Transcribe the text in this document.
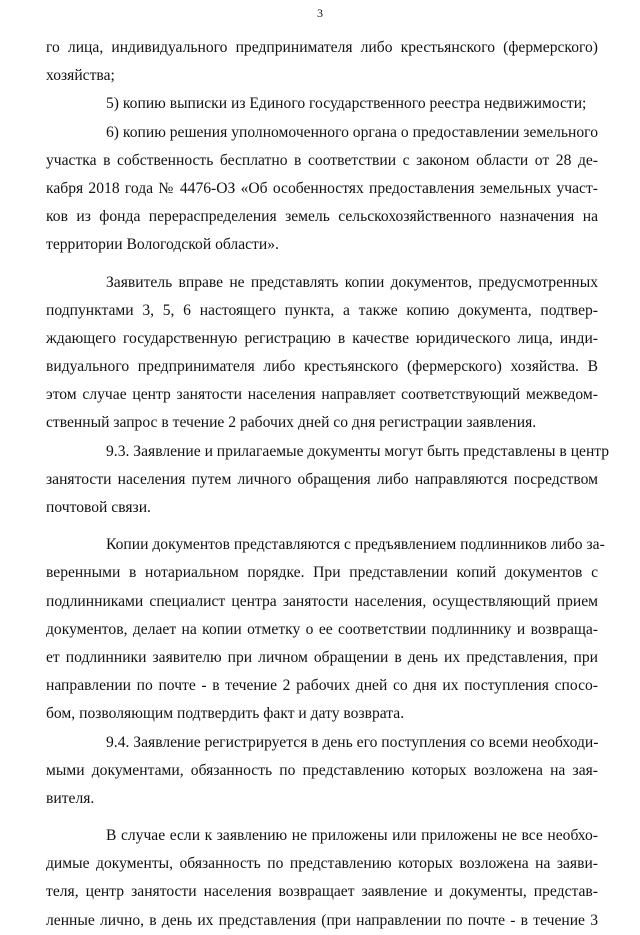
3
го лица, индивидуального предпринимателя либо крестьянского (фермерского)
хозяйства;
5) копию выписки из Единого государственного реестра недвижимости;
6) копию решения уполномоченного органа о предоставлении земельного
участка в собственность бесплатно в соответствии с законом области от 28 де-
кабря 2018 года № 4476-ОЗ «Об особенностях предоставления земельных участ-
ков из фонда перераспределения земель сельскохозяйственного назначения на
территории Вологодской области».
Заявитель вправе не представлять копии документов, предусмотренных
подпунктами 3, 5, 6 настоящего пункта, а также копию документа, подтвер-
ждающего государственную регистрацию в качестве юридического лица, инди-
видуального предпринимателя либо крестьянского (фермерского) хозяйства. В
этом случае центр занятости населения направляет соответствующий межведом-
ственный запрос в течение 2 рабочих дней со дня регистрации заявления.
9.3. Заявление и прилагаемые документы могут быть представлены в центр
занятости населения путем личного обращения либо направляются посредством
почтовой связи.
Копии документов представляются с предъявлением подлинников либо за-
веренными в нотариальном порядке. При представлении копий документов с
подлинниками специалист центра занятости населения, осуществляющий прием
документов, делает на копии отметку о ее соответствии подлиннику и возвраща-
ет подлинники заявителю при личном обращении в день их представления, при
направлении по почте - в течение 2 рабочих дней со дня их поступления спосо-
бом, позволяющим подтвердить факт и дату возврата.
9.4. Заявление регистрируется в день его поступления со всеми необходи-
мыми документами, обязанность по представлению которых возложена на зая-
вителя.
В случае если к заявлению не приложены или приложены не все необхо-
димые документы, обязанность по представлению которых возложена на заяви-
теля, центр занятости населения возвращает заявление и документы, представ-
ленные лично, в день их представления (при направлении по почте - в течение 3
